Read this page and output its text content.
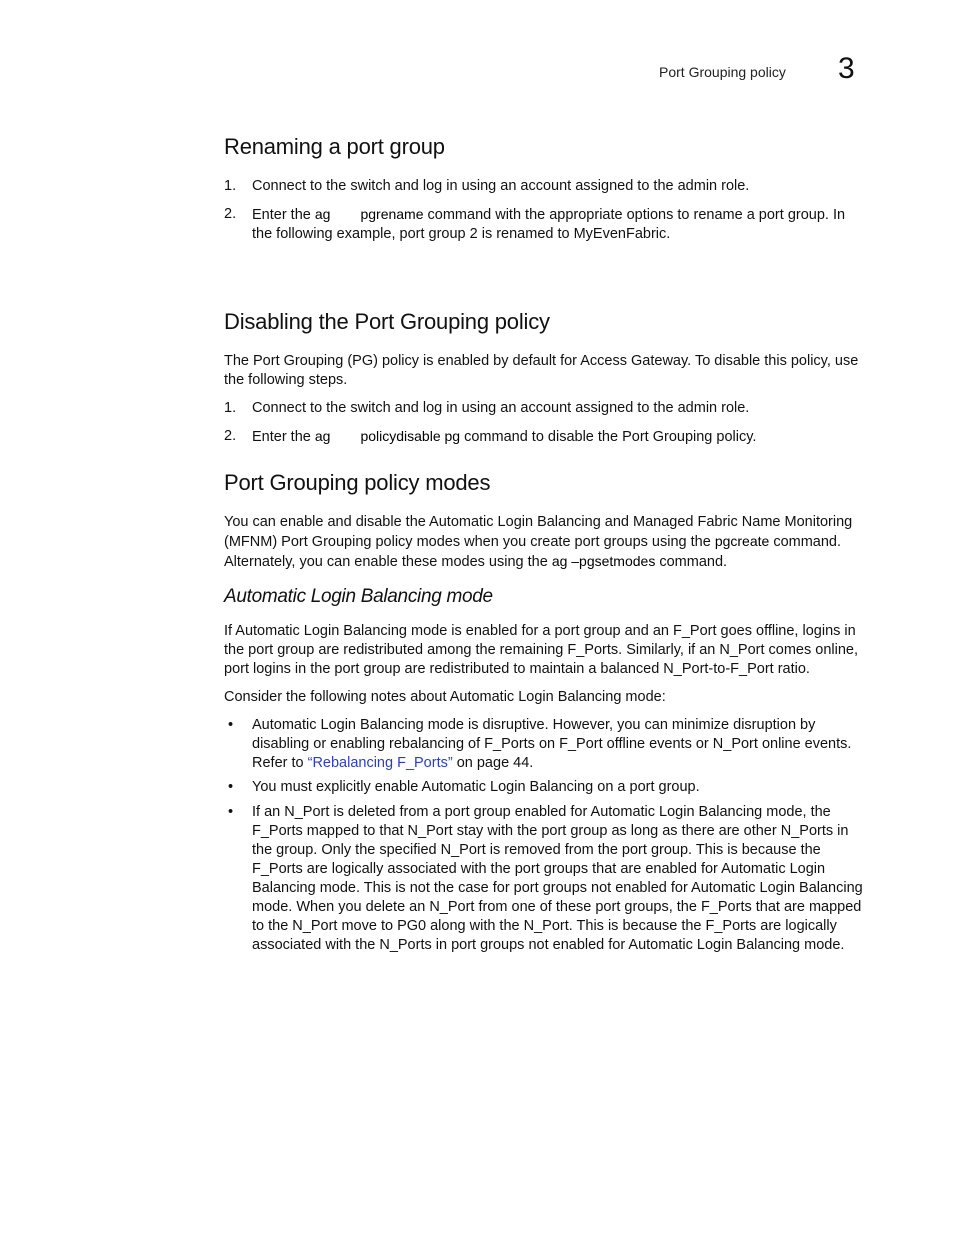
Port Grouping policy 3
Renaming a port group
1. Connect to the switch and log in using an account assigned to the admin role.
2. Enter the ag pgrename command with the appropriate options to rename a port group. In the following example, port group 2 is renamed to MyEvenFabric.
Disabling the Port Grouping policy

The Port Grouping (PG) policy is enabled by default for Access Gateway. To disable this policy, use the following steps.

1. Connect to the switch and log in using an account assigned to the admin role.
2. Enter the ag policydisable pg command to disable the Port Grouping policy.
Port Grouping policy modes

You can enable and disable the Automatic Login Balancing and Managed Fabric Name Monitoring (MFNM) Port Grouping policy modes when you create port groups using the pgcreate command. Alternately, you can enable these modes using the ag –pgsetmodes command.

Automatic Login Balancing mode

If Automatic Login Balancing mode is enabled for a port group and an F_Port goes offline, logins in the port group are redistributed among the remaining F_Ports. Similarly, if an N_Port comes online, port logins in the port group are redistributed to maintain a balanced N_Port-to-F_Port ratio.

Consider the following notes about Automatic Login Balancing mode:

• Automatic Login Balancing mode is disruptive. However, you can minimize disruption by disabling or enabling rebalancing of F_Ports on F_Port offline events or N_Port online events. Refer to “Rebalancing F_Ports” on page 44.
• You must explicitly enable Automatic Login Balancing on a port group.
• If an N_Port is deleted from a port group enabled for Automatic Login Balancing mode, the F_Ports mapped to that N_Port stay with the port group as long as there are other N_Ports in the group. Only the specified N_Port is removed from the port group. This is because the F_Ports are logically associated with the port groups that are enabled for Automatic Login Balancing mode. This is not the case for port groups not enabled for Automatic Login Balancing mode. When you delete an N_Port from one of these port groups, the F_Ports that are mapped to the N_Port move to PG0 along with the N_Port. This is because the F_Ports are logically associated with the N_Ports in port groups not enabled for Automatic Login Balancing mode.
